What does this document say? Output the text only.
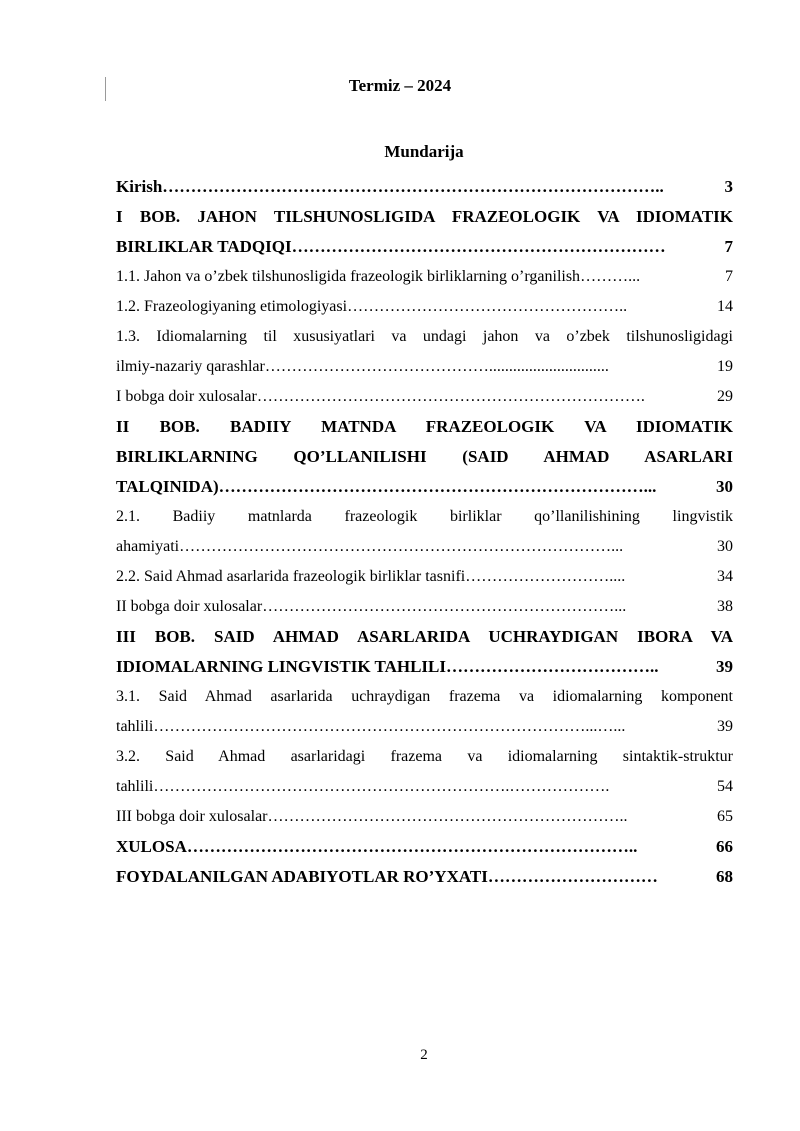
Termiz – 2024
Mundarija
Kirish ……………………………………………………………………………..	3
I BOB. JAHON TILSHUNOSLIGIDA FRAZEOLOGIK VA IDIOMATIK
BIRLIKLAR TADQIQI …………………………………………………………	7
1.1. Jahon va o’zbek tilshunosligida frazeologik birliklarning o’rganilish ………...	7
1.2. Frazeologiyaning etimologiyasi ……………………………………………..	14
1.3. Idiomalarning til xususiyatlari va undagi jahon va o’zbek tilshunosligidagi
ilmiy-nazariy qarashlar ……………………………………..............................	19
I bobga doir xulosalar ……………………………………………………………….	29
II BOB. BADIIY MATNDA FRAZEOLOGIK VA IDIOMATIK
BIRLIKLARNING QO’LLANILISHI (SAID AHMAD ASARLARI
TALQINIDA) …………………………………………………………………...	30
2.1. Badiiy matnlarda frazeologik birliklar qo’llanilishining lingvistik
ahamiyati ………………………………………………………………………...	30
2.2. Said Ahmad asarlarida frazeologik birliklar tasnifi ………………………....	34
II bobga doir xulosalar …………………………………………………………...	38
III BOB. SAID AHMAD ASARLARIDA UCHRAYDIGAN IBORA VA
IDIOMALARNING LINGVISTIK TAHLILI ………………………………..	39
3.1. Said Ahmad asarlarida uchraydigan frazema va idiomalarning komponent
tahlili ………………………………………………………………………...…...	39
3.2. Said Ahmad asarlaridagi frazema va idiomalarning sintaktik-struktur
tahlili ………………………………………………………….……………….	54
III bobga doir xulosalar …………………………………………………………..	65
XULOSA ……………………………………………………………………..	66
FOYDALANILGAN ADABIYOTLAR RO’YXATI …………………………	68
2
